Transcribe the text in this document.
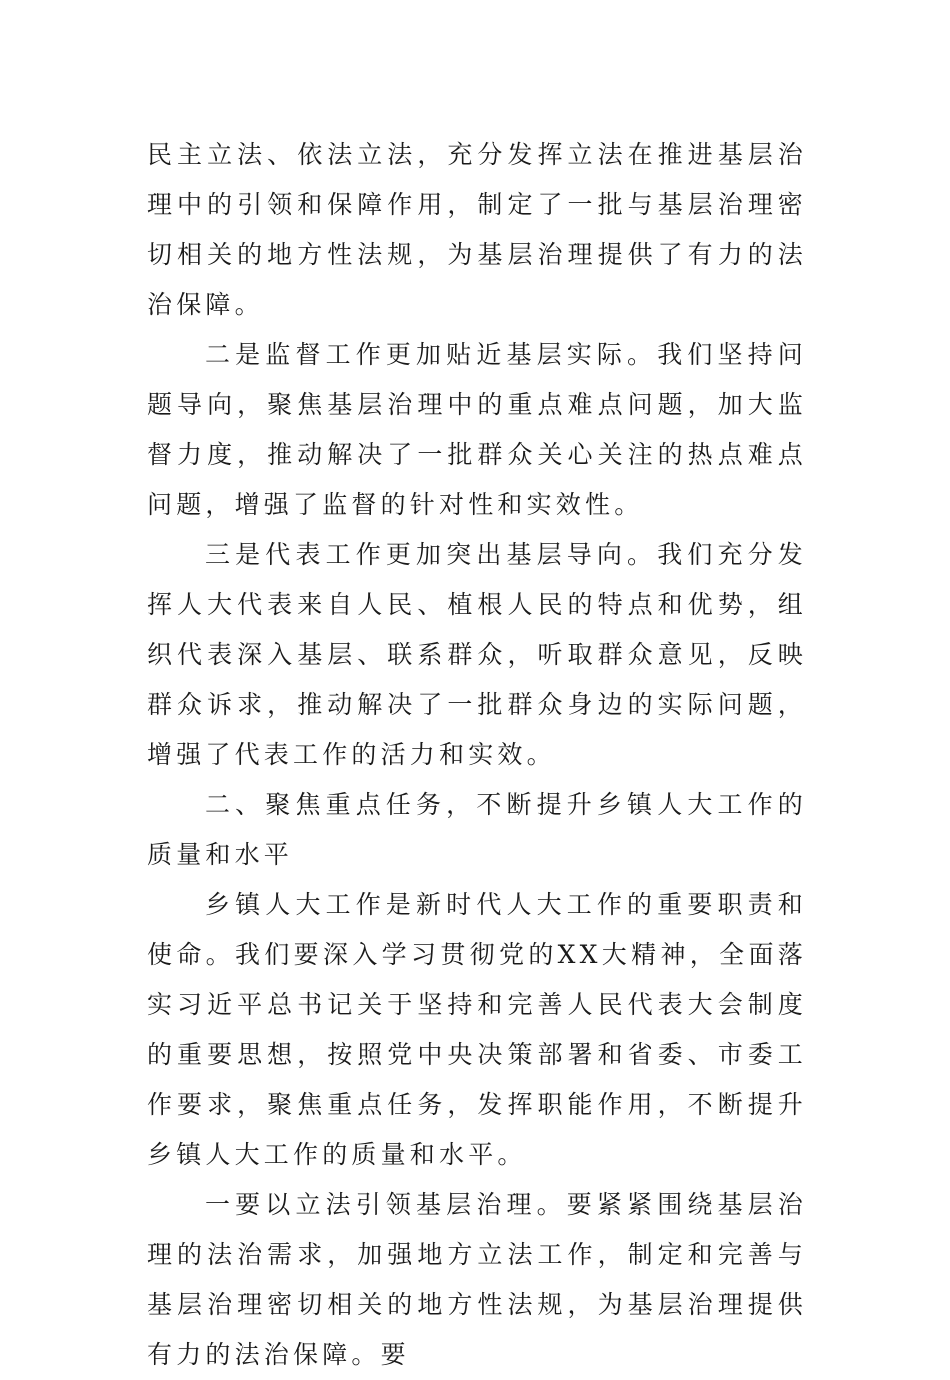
民主立法、依法立法，充分发挥立法在推进基层治理中的引领和保障作用，制定了一批与基层治理密切相关的地方性法规，为基层治理提供了有力的法治保障。

二是监督工作更加贴近基层实际。我们坚持问题导向，聚焦基层治理中的重点难点问题，加大监督力度，推动解决了一批群众关心关注的热点难点问题，增强了监督的针对性和实效性。

三是代表工作更加突出基层导向。我们充分发挥人大代表来自人民、植根人民的特点和优势，组织代表深入基层、联系群众，听取群众意见，反映群众诉求，推动解决了一批群众身边的实际问题，增强了代表工作的活力和实效。

二、聚焦重点任务，不断提升乡镇人大工作的质量和水平

乡镇人大工作是新时代人大工作的重要职责和使命。我们要深入学习贯彻党的XX大精神，全面落实习近平总书记关于坚持和完善人民代表大会制度的重要思想，按照党中央决策部署和省委、市委工作要求，聚焦重点任务，发挥职能作用，不断提升乡镇人大工作的质量和水平。

一要以立法引领基层治理。要紧紧围绕基层治理的法治需求，加强地方立法工作，制定和完善与基层治理密切相关的地方性法规，为基层治理提供有力的法治保障。要
